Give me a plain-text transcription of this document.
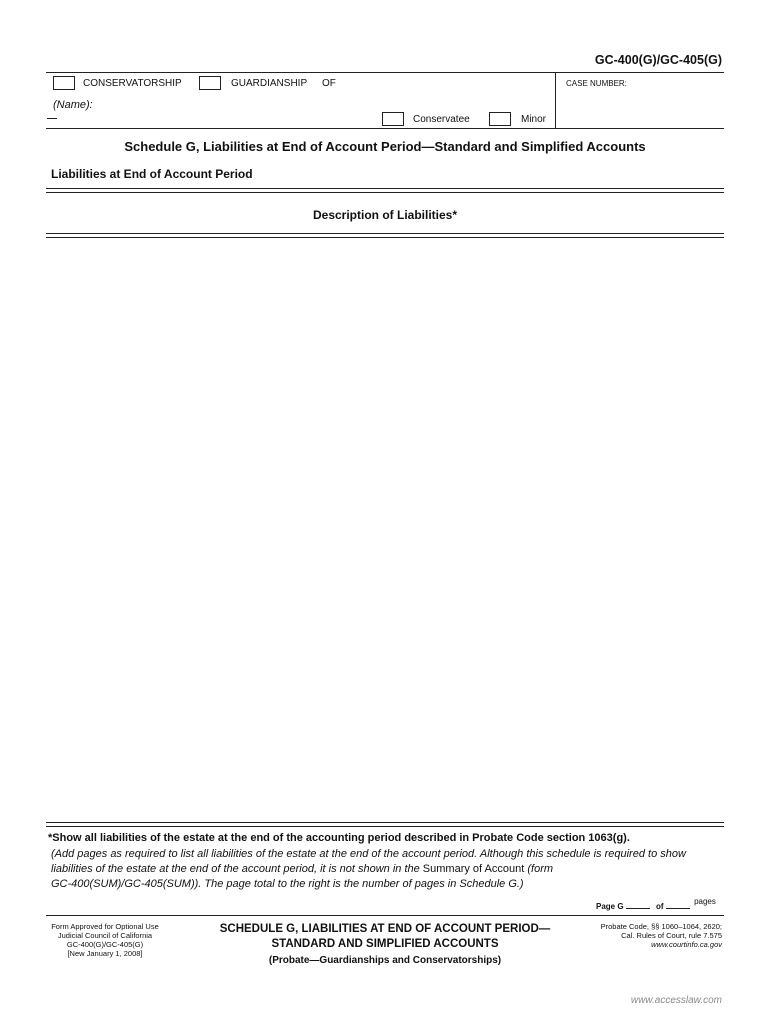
GC-400(G)/GC-405(G)
CONSERVATORSHIP	GUARDIANSHIP OF
(Name):
CASE NUMBER:
Conservatee	Minor
Schedule G, Liabilities at End of Account Period—Standard and Simplified Accounts
Liabilities at End of Account Period
Description of Liabilities*
*Show all liabilities of the estate at the end of the accounting period described in Probate Code section 1063(g).
(Add pages as required to list all liabilities of the estate at the end of the account period. Although this schedule is required to show
liabilities of the estate at the end of the account period, it is not shown in the Summary of Account (form
GC-400(SUM)/GC-405(SUM)). The page total to the right is the number of pages in Schedule G.)
Page G	of  pages
Form Approved for Optional Use
Judicial Council of California
GC-400(G)/GC-405(G)
[New January 1, 2008]
SCHEDULE G, LIABILITIES AT END OF ACCOUNT PERIOD—
STANDARD AND SIMPLIFIED ACCOUNTS
(Probate—Guardianships and Conservatorships)
Probate Code, §§ 1060–1064, 2620;
Cal. Rules of Court, rule 7.575
www.courtinfo.ca.gov
www.accesslaw.com
